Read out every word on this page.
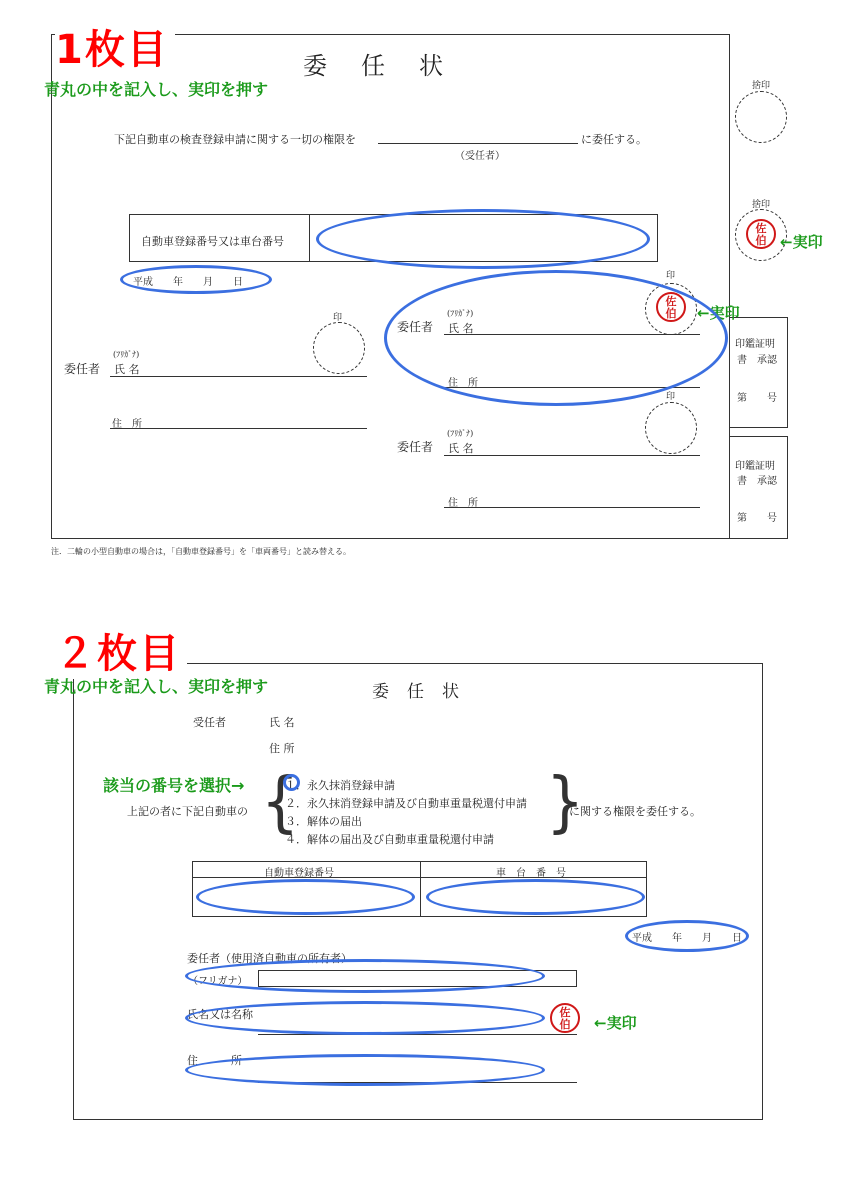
1枚目
青丸の中を記入し、実印を押す
委任状
捨印
捨印
佐
伯 ←実印
下記自動車の検査登録申請に関する一切の権限を	に委任する。
（受任者）
自動車登録番号又は車台番号
平成　　年　　月　　日
印
委任者
(ﾌﾘｶﾞﾅ)
氏 名
住　所
印
佐
伯	←実印
委任者
(ﾌﾘｶﾞﾅ)
氏 名
住　所
印
委任者
(ﾌﾘｶﾞﾅ)
氏 名
住　所
印鑑証明
書　承認
第　　号
印鑑証明
書　承認
第　　号
注．二輪の小型自動車の場合は，「自動車登録番号」を「車両番号」と読み替える。
２枚目
青丸の中を記入し、実印を押す	委任状
受任者	氏 名
住 所
該当の番号を選択→
上記の者に下記自動車の {
１．永久抹消登録申請
２．永久抹消登録申請及び自動車重量税還付申請
３．解体の届出
４．解体の届出及び自動車重量税還付申請 }
に関する権限を委任する。
自動車登録番号	車　台　番　号
平成　　年　　月　　日
委任者（使用済自動車の所有者）
（フリガナ）
氏名又は名称	佐
伯	←実印
住　　　所
